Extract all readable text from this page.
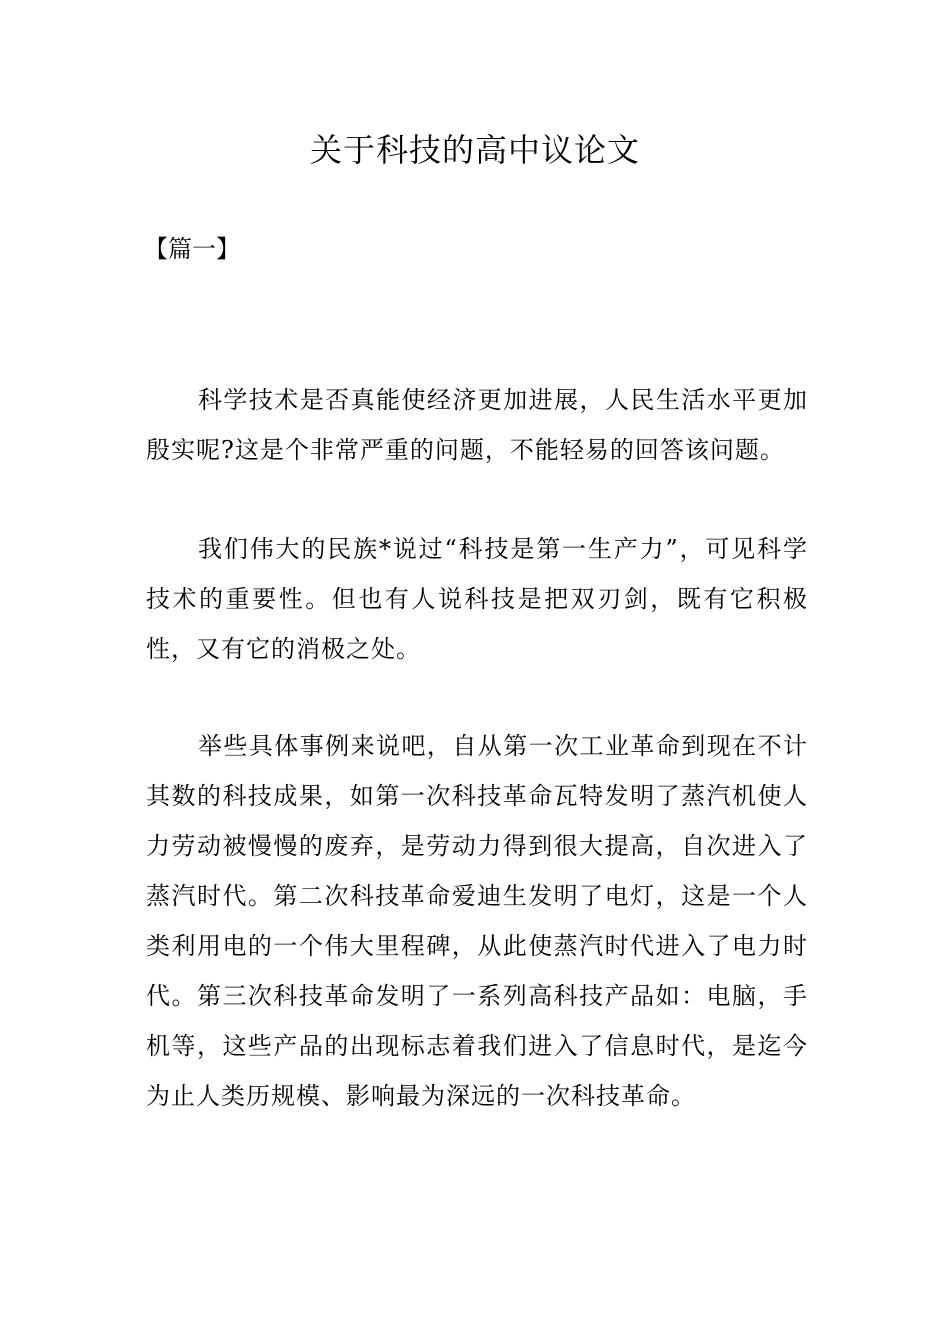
关于科技的高中议论文

【篇一】

科学技术是否真能使经济更加进展，人民生活水平更加殷实呢?这是个非常严重的问题，不能轻易的回答该问题。

我们伟大的民族*说过“科技是第一生产力”，可见科学技术的重要性。但也有人说科技是把双刃剑，既有它积极性，又有它的消极之处。

举些具体事例来说吧，自从第一次工业革命到现在不计其数的科技成果，如第一次科技革命瓦特发明了蒸汽机使人力劳动被慢慢的废弃，是劳动力得到很大提高，自次进入了蒸汽时代。第二次科技革命爱迪生发明了电灯，这是一个人类利用电的一个伟大里程碑，从此使蒸汽时代进入了电力时代。第三次科技革命发明了一系列高科技产品如：电脑，手机等，这些产品的出现标志着我们进入了信息时代，是迄今为止人类历规模、影响最为深远的一次科技革命。
